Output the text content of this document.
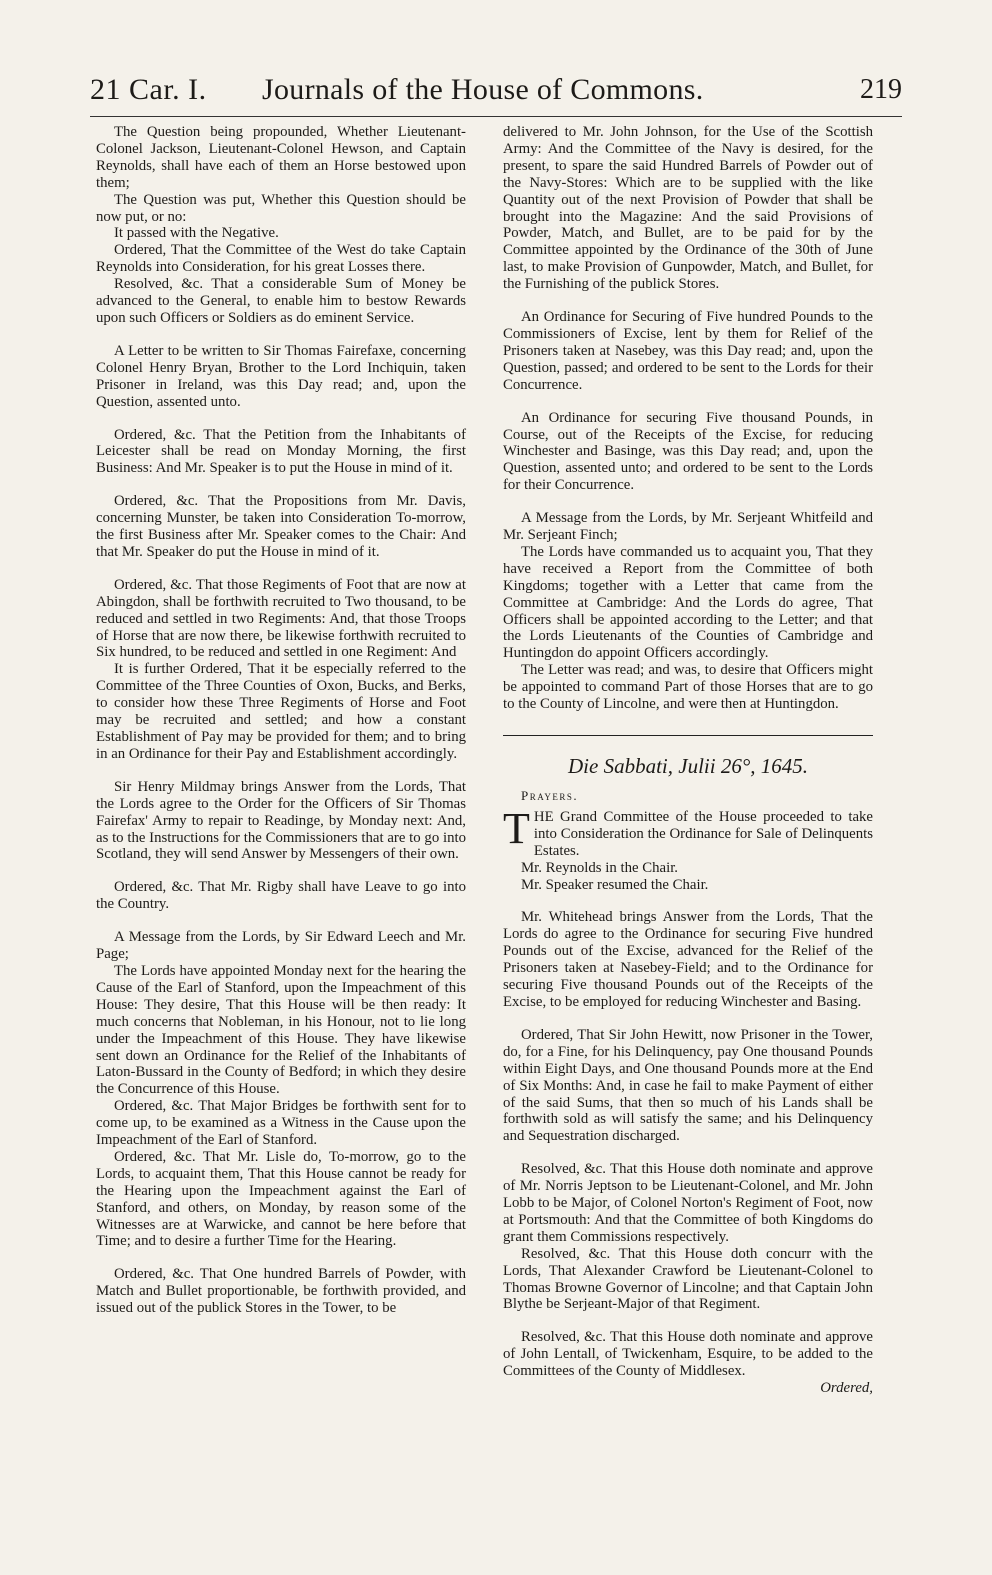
21 Car. I. Journals of the House of Commons.	219

The Question being propounded, Whether Lieutenant-Colonel Jackson, Lieutenant-Colonel Hewson, and Captain Reynolds, shall have each of them an Horse bestowed upon them;

The Question was put, Whether this Question should be now put, or no:

It passed with the Negative.

Ordered, That the Committee of the West do take Captain Reynolds into Consideration, for his great Losses there.

Resolved, &c. That a considerable Sum of Money be advanced to the General, to enable him to bestow Rewards upon such Officers or Soldiers as do eminent Service.

A Letter to be written to Sir Thomas Fairefaxe, concerning Colonel Henry Bryan, Brother to the Lord Inchiquin, taken Prisoner in Ireland, was this Day read; and, upon the Question, assented unto.

Ordered, &c. That the Petition from the Inhabitants of Leicester shall be read on Monday Morning, the first Business: And Mr. Speaker is to put the House in mind of it.

Ordered, &c. That the Propositions from Mr. Davis, concerning Munster, be taken into Consideration To-morrow, the first Business after Mr. Speaker comes to the Chair: And that Mr. Speaker do put the House in mind of it.

Ordered, &c. That those Regiments of Foot that are now at Abingdon, shall be forthwith recruited to Two thousand, to be reduced and settled in two Regiments: And, that those Troops of Horse that are now there, be likewise forthwith recruited to Six hundred, to be reduced and settled in one Regiment: And

It is further Ordered, That it be especially referred to the Committee of the Three Counties of Oxon, Bucks, and Berks, to consider how these Three Regiments of Horse and Foot may be recruited and settled; and how a constant Establishment of Pay may be provided for them; and to bring in an Ordinance for their Pay and Establishment accordingly.

Sir Henry Mildmay brings Answer from the Lords, That the Lords agree to the Order for the Officers of Sir Thomas Fairefax' Army to repair to Readinge, by Monday next: And, as to the Instructions for the Commissioners that are to go into Scotland, they will send Answer by Messengers of their own.

Ordered, &c. That Mr. Rigby shall have Leave to go into the Country.

A Message from the Lords, by Sir Edward Leech and Mr. Page;

The Lords have appointed Monday next for the hearing the Cause of the Earl of Stanford, upon the Impeachment of this House: They desire, That this House will be then ready: It much concerns that Nobleman, in his Honour, not to lie long under the Impeachment of this House. They have likewise sent down an Ordinance for the Relief of the Inhabitants of Laton-Bussard in the County of Bedford; in which they desire the Concurrence of this House.

Ordered, &c. That Major Bridges be forthwith sent for to come up, to be examined as a Witness in the Cause upon the Impeachment of the Earl of Stanford.

Ordered, &c. That Mr. Lisle do, To-morrow, go to the Lords, to acquaint them, That this House cannot be ready for the Hearing upon the Impeachment against the Earl of Stanford, and others, on Monday, by reason some of the Witnesses are at Warwicke, and cannot be here before that Time; and to desire a further Time for the Hearing.

Ordered, &c. That One hundred Barrels of Powder, with Match and Bullet proportionable, be forthwith provided, and issued out of the publick Stores in the Tower, to be

delivered to Mr. John Johnson, for the Use of the Scottish Army: And the Committee of the Navy is desired, for the present, to spare the said Hundred Barrels of Powder out of the Navy-Stores: Which are to be supplied with the like Quantity out of the next Provision of Powder that shall be brought into the Magazine: And the said Provisions of Powder, Match, and Bullet, are to be paid for by the Committee appointed by the Ordinance of the 30th of June last, to make Provision of Gunpowder, Match, and Bullet, for the Furnishing of the publick Stores.

An Ordinance for Securing of Five hundred Pounds to the Commissioners of Excise, lent by them for Relief of the Prisoners taken at Nasebey, was this Day read; and, upon the Question, passed; and ordered to be sent to the Lords for their Concurrence.

An Ordinance for securing Five thousand Pounds, in Course, out of the Receipts of the Excise, for reducing Winchester and Basinge, was this Day read; and, upon the Question, assented unto; and ordered to be sent to the Lords for their Concurrence.

A Message from the Lords, by Mr. Serjeant Whitfeild and Mr. Serjeant Finch;

The Lords have commanded us to acquaint you, That they have received a Report from the Committee of both Kingdoms; together with a Letter that came from the Committee at Cambridge: And the Lords do agree, That Officers shall be appointed according to the Letter; and that the Lords Lieutenants of the Counties of Cambridge and Huntingdon do appoint Officers accordingly.

The Letter was read; and was, to desire that Officers might be appointed to command Part of those Horses that are to go to the County of Lincolne, and were then at Huntingdon.

Die Sabbati, Julii 26°, 1645.

Prayers.

THE Grand Committee of the House proceeded to take into Consideration the Ordinance for Sale of Delinquents Estates.

Mr. Reynolds in the Chair.

Mr. Speaker resumed the Chair.

Mr. Whitehead brings Answer from the Lords, That the Lords do agree to the Ordinance for securing Five hundred Pounds out of the Excise, advanced for the Relief of the Prisoners taken at Nasebey-Field; and to the Ordinance for securing Five thousand Pounds out of the Receipts of the Excise, to be employed for reducing Winchester and Basing.

Ordered, That Sir John Hewitt, now Prisoner in the Tower, do, for a Fine, for his Delinquency, pay One thousand Pounds within Eight Days, and One thousand Pounds more at the End of Six Months: And, in case he fail to make Payment of either of the said Sums, that then so much of his Lands shall be forthwith sold as will satisfy the same; and his Delinquency and Sequestration discharged.

Resolved, &c. That this House doth nominate and approve of Mr. Norris Jeptson to be Lieutenant-Colonel, and Mr. John Lobb to be Major, of Colonel Norton's Regiment of Foot, now at Portsmouth: And that the Committee of both Kingdoms do grant them Commissions respectively.

Resolved, &c. That this House doth concurr with the Lords, That Alexander Crawford be Lieutenant-Colonel to Thomas Browne Governor of Lincolne; and that Captain John Blythe be Serjeant-Major of that Regiment.

Resolved, &c. That this House doth nominate and approve of John Lentall, of Twickenham, Esquire, to be added to the Committees of the County of Middlesex.

Ordered,
